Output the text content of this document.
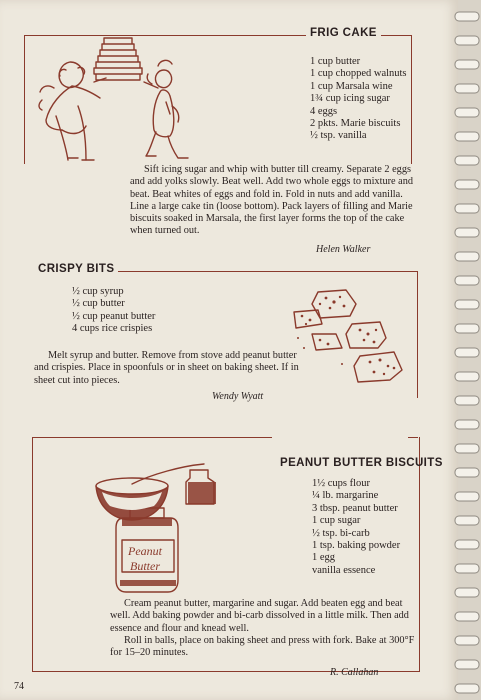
FRIG CAKE
1 cup butter
1 cup chopped walnuts
1 cup Marsala wine
1¾ cup icing sugar
4 eggs
2 pkts. Marie biscuits
½ tsp. vanilla

Sift icing sugar and whip with butter till creamy. Separate 2 eggs and add yolks slowly. Beat well. Add two whole eggs to mixture and beat. Beat whites of eggs and fold in. Fold in nuts and add vanilla. Line a large cake tin (loose bottom). Pack layers of filling and Marie biscuits soaked in Marsala, the first layer forms the top of the cake when turned out.

Helen Walker
CRISPY BITS
½ cup syrup
½ cup butter
½ cup peanut butter
4 cups rice crispies

Melt syrup and butter. Remove from stove add peanut butter and crispies. Place in spoonfuls or in sheet on baking sheet. If in sheet cut into pieces.

Wendy Wyatt
PEANUT BUTTER BISCUITS
Peanut
Butter
1½ cups flour
¼ lb. margarine
3 tbsp. peanut butter
1 cup sugar
½ tsp. bi-carb
1 tsp. baking powder
1 egg
vanilla essence

Cream peanut butter, margarine and sugar. Add beaten egg and beat well. Add baking powder and bi-carb dissolved in a little milk. Then add essence and flour and knead well.

Roll in balls, place on baking sheet and press with fork. Bake at 300°F for 15–20 minutes.

R. Callahan
74
